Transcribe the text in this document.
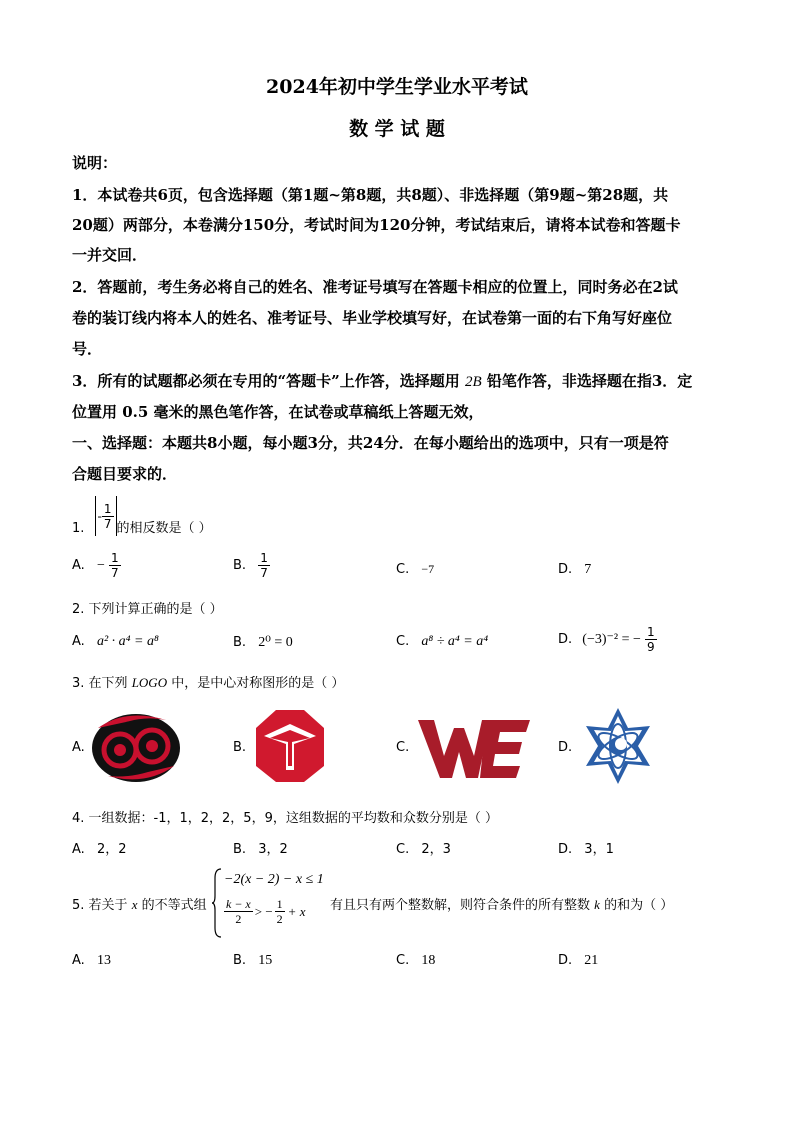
2024年初中学生学业水平考试
数 学 试 题
说明：
1．本试卷共6页，包含选择题（第1题~第8题，共8题）、非选择题（第9题~第28题，共
20题）两部分，本卷满分150分，考试时间为120分钟，考试结束后，请将本试卷和答题卡
一并交回．
2．答题前，考生务必将自己的姓名、准考证号填写在答题卡相应的位置上，同时务必在2试
卷的装订线内将本人的姓名、准考证号、毕业学校填写好，在试卷第一面的右下角写好座位
号．
3．所有的试题都必须在专用的“答题卡”上作答，选择题用 2B 铅笔作答，非选择题在指3．定
位置用 0.5 毫米的黑色笔作答，在试卷或草稿纸上答题无效，
一、选择题：本题共8小题，每小题3分，共24分．在每小题给出的选项中，只有一项是符
合题目要求的．
1.
- $\frac{1}{7}$ 的相反数是（ ）
A. − $\frac{1}{7}$	B. $\frac{1}{7}$	C. −7	D. 7
2. 下列计算正确的是（ ）
A. a² · a⁴ = a⁸	B. 2⁰ = 0	C. a⁸ ÷ a⁴ = a⁴	D. (−3)⁻² = − $\frac{1}{9}$
3. 在下列 LOGO 中，是中心对称图形的是（ ）
A.	B.	C.	D.
4. 一组数据：-1，1，2，2，5，9，这组数据的平均数和众数分别是（ ）
A. 2，2	B. 3，2	C. 2，3	D. 3，1
5. 若关于 x 的不等式组
−2(x − 2) − x ≤ 1
$\frac{k - x}{2}$ > − $\frac{1}{2} + x$ 有且只有两个整数解，则符合条件的所有整数 k 的和为（ ）
A. 13	B. 15	C. 18	D. 21
